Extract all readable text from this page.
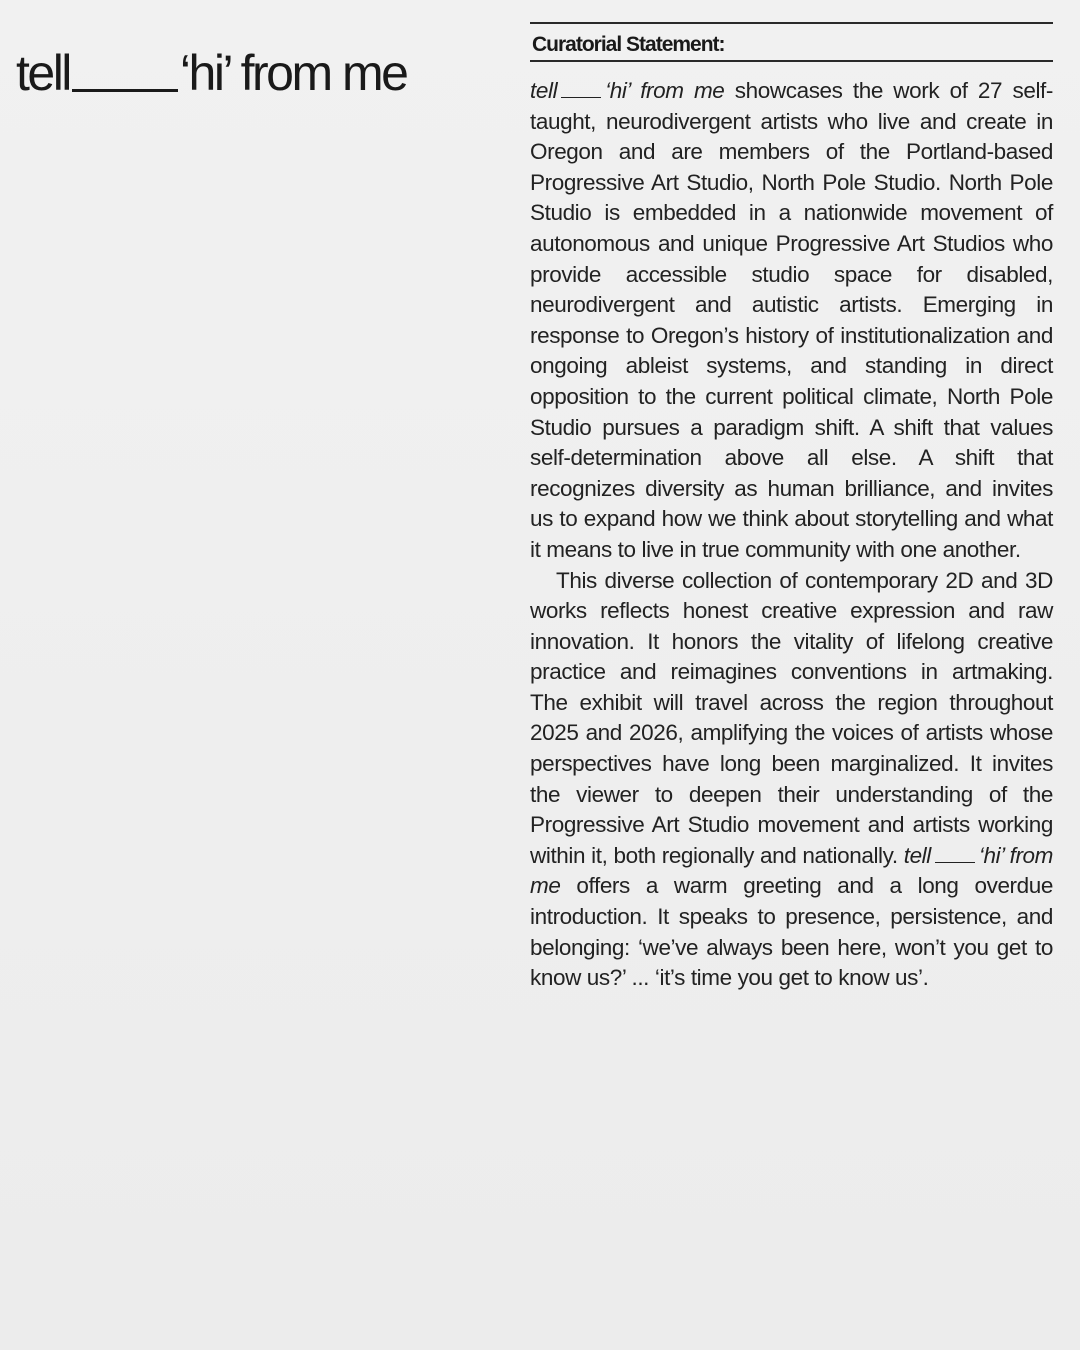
tell ‘hi’ from me	Curatorial Statement:

tell ‘hi’ from me showcases the work of 27 self-taught, neurodivergent artists who live and create in Oregon and are members of the Portland-based Progressive Art Studio, North Pole Studio. North Pole Studio is embedded in a nationwide movement of autonomous and unique Progressive Art Studios who provide accessible studio space for disabled, neurodivergent and autistic artists. Emerging in response to Oregon’s history of institutionalization and ongoing ableist systems, and standing in direct opposition to the current political climate, North Pole Studio pursues a paradigm shift. A shift that values self-determination above all else. A shift that recognizes diversity as human brilliance, and invites us to expand how we think about storytelling and what it means to live in true community with one another.

This diverse collection of contemporary 2D and 3D works reflects honest creative expression and raw innovation. It honors the vitality of lifelong creative practice and reimagines conventions in artmaking. The exhibit will travel across the region throughout 2025 and 2026, amplifying the voices of artists whose perspectives have long been marginalized. It invites the viewer to deepen their understanding of the Progressive Art Studio movement and artists working within it, both regionally and nationally. tell ‘hi’ from me offers a warm greeting and a long overdue introduction. It speaks to presence, persistence, and belonging: ‘we’ve always been here, won’t you get to know us?’ ... ‘it’s time you get to know us’.
